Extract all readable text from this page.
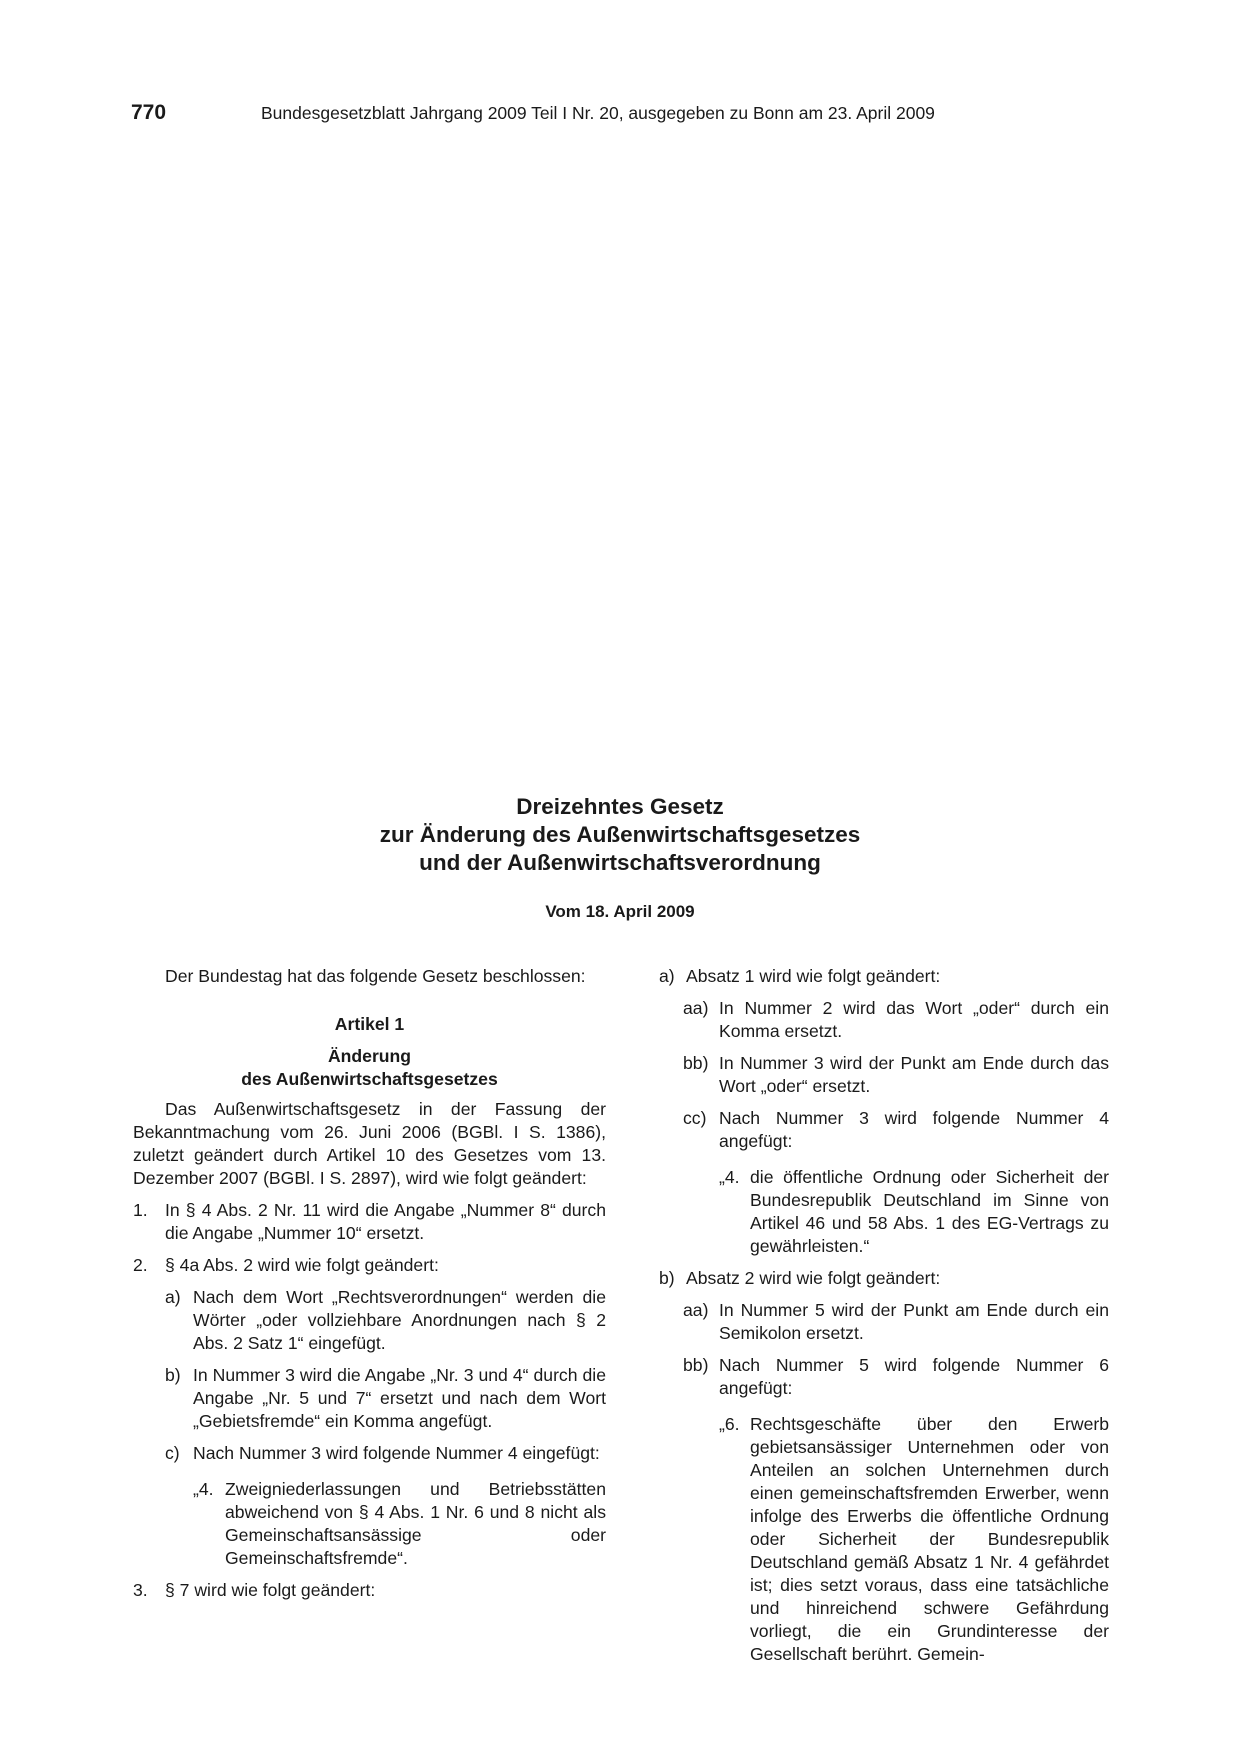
770	Bundesgesetzblatt Jahrgang 2009 Teil I Nr. 20, ausgegeben zu Bonn am 23. April 2009
Dreizehntes Gesetz
zur Änderung des Außenwirtschaftsgesetzes
und der Außenwirtschaftsverordnung
Vom 18. April 2009

Der Bundestag hat das folgende Gesetz beschlossen:

Artikel 1

Änderung
des Außenwirtschaftsgesetzes

Das Außenwirtschaftsgesetz in der Fassung der Bekanntmachung vom 26. Juni 2006 (BGBl. I S. 1386), zuletzt geändert durch Artikel 10 des Gesetzes vom 13. Dezember 2007 (BGBl. I S. 2897), wird wie folgt geändert:

1. In § 4 Abs. 2 Nr. 11 wird die Angabe „Nummer 8“ durch die Angabe „Nummer 10“ ersetzt.
2. § 4a Abs. 2 wird wie folgt geändert:
a) Nach dem Wort „Rechtsverordnungen“ werden die Wörter „oder vollziehbare Anordnungen nach § 2 Abs. 2 Satz 1“ eingefügt.
b) In Nummer 3 wird die Angabe „Nr. 3 und 4“ durch die Angabe „Nr. 5 und 7“ ersetzt und nach dem Wort „Gebietsfremde“ ein Komma angefügt.
c) Nach Nummer 3 wird folgende Nummer 4 eingefügt:
„4. Zweigniederlassungen und Betriebsstätten abweichend von § 4 Abs. 1 Nr. 6 und 8 nicht als Gemeinschaftsansässige oder Gemeinschaftsfremde“.
3. § 7 wird wie folgt geändert:
a) Absatz 1 wird wie folgt geändert:
aa) In Nummer 2 wird das Wort „oder“ durch ein Komma ersetzt.
bb) In Nummer 3 wird der Punkt am Ende durch das Wort „oder“ ersetzt.
cc) Nach Nummer 3 wird folgende Nummer 4 angefügt:
„4. die öffentliche Ordnung oder Sicherheit der Bundesrepublik Deutschland im Sinne von Artikel 46 und 58 Abs. 1 des EG-Vertrags zu gewährleisten.“
b) Absatz 2 wird wie folgt geändert:
aa) In Nummer 5 wird der Punkt am Ende durch ein Semikolon ersetzt.
bb) Nach Nummer 5 wird folgende Nummer 6 angefügt:
„6. Rechtsgeschäfte über den Erwerb gebietsansässiger Unternehmen oder von Anteilen an solchen Unternehmen durch einen gemeinschaftsfremden Erwerber, wenn infolge des Erwerbs die öffentliche Ordnung oder Sicherheit der Bundesrepublik Deutschland gemäß Absatz 1 Nr. 4 gefährdet ist; dies setzt voraus, dass eine tatsächliche und hinreichend schwere Gefährdung vorliegt, die ein Grundinteresse der Gesellschaft berührt. Gemein-
